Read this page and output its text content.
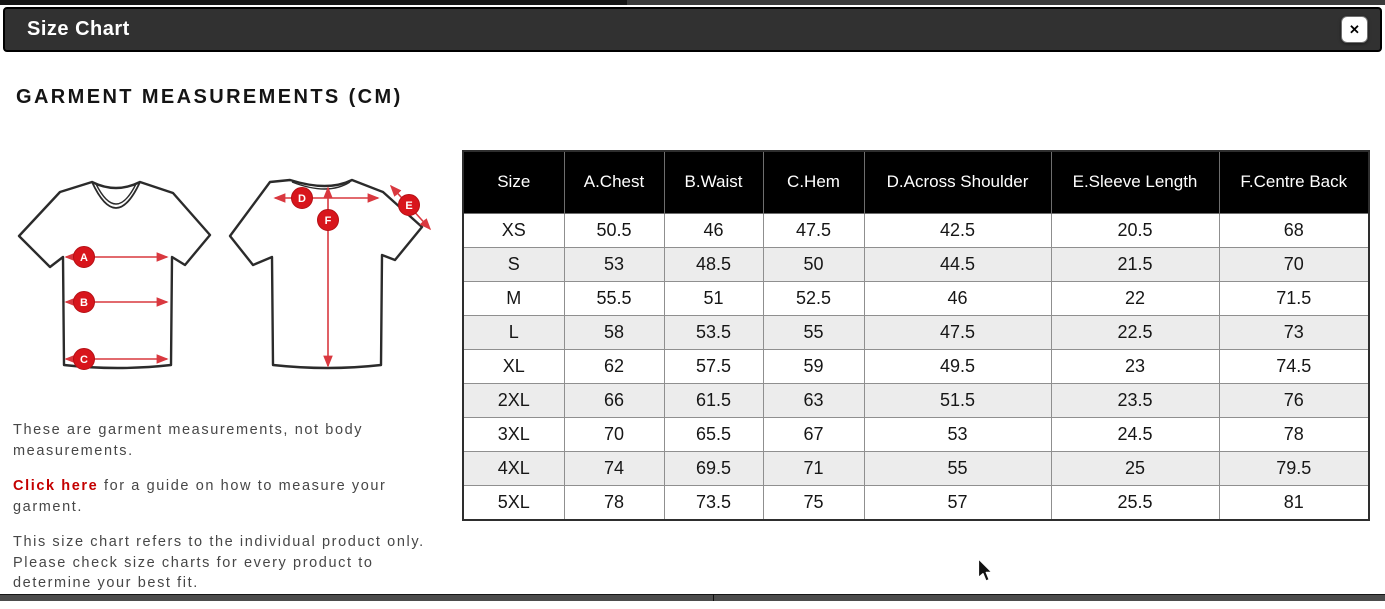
Size Chart	✕
GARMENT MEASUREMENTS (CM)
A
B
C
D
E
F

These are garment measurements, not body measurements.

Click here for a guide on how to measure your garment.

This size chart refers to the individual product only. Please check size charts for every product to determine your best fit.

Size	A.Chest	B.Waist	C.Hem	D.Across Shoulder	E.Sleeve Length	F.Centre Back
XS	50.5	46	47.5	42.5	20.5	68
S	53	48.5	50	44.5	21.5	70
M	55.5	51	52.5	46	22	71.5
L	58	53.5	55	47.5	22.5	73
XL	62	57.5	59	49.5	23	74.5
2XL	66	61.5	63	51.5	23.5	76
3XL	70	65.5	67	53	24.5	78
4XL	74	69.5	71	55	25	79.5
5XL	78	73.5	75	57	25.5	81
